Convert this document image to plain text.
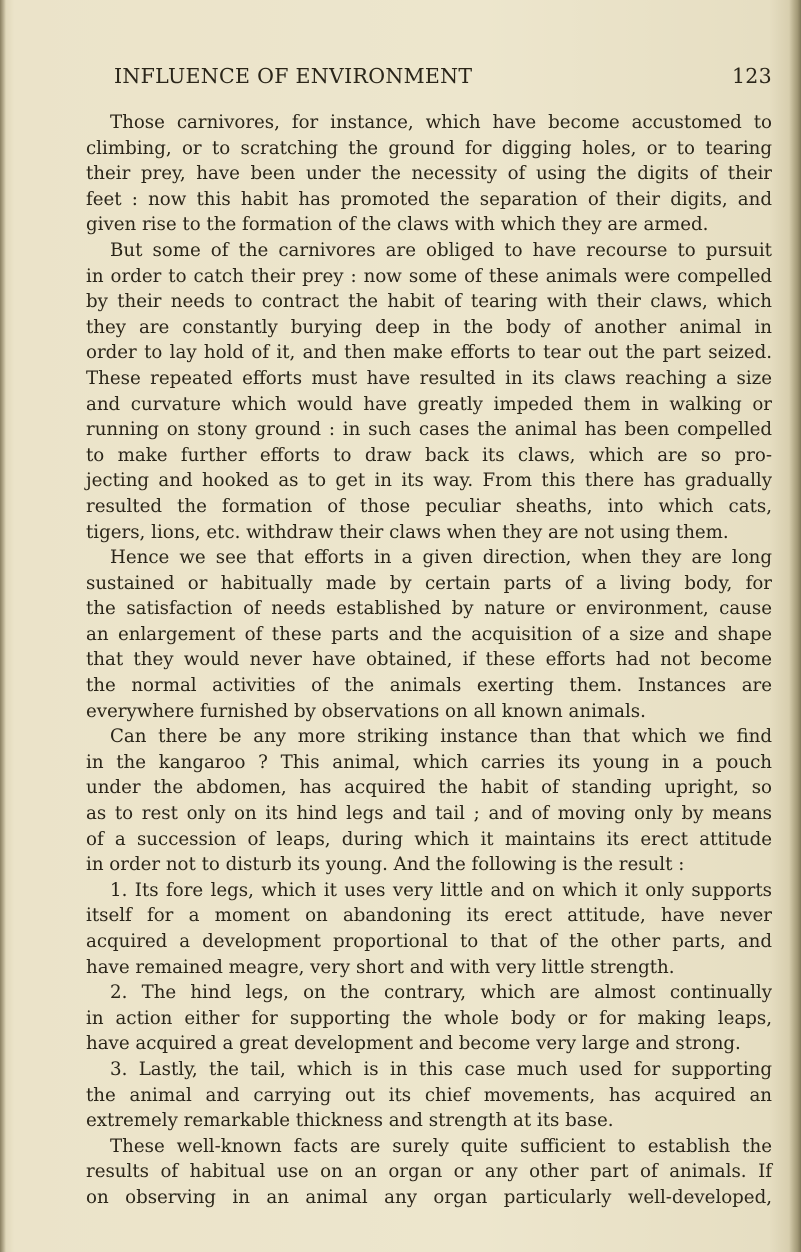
INFLUENCE OF ENVIRONMENT	123
Those carnivores, for instance, which have become accustomed to
climbing, or to scratching the ground for digging holes, or to tearing
their prey, have been under the necessity of using the digits of their
feet : now this habit has promoted the separation of their digits, and
given rise to the formation of the claws with which they are armed.
But some of the carnivores are obliged to have recourse to pursuit
in order to catch their prey : now some of these animals were compelled
by their needs to contract the habit of tearing with their claws, which
they are constantly burying deep in the body of another animal in
order to lay hold of it, and then make efforts to tear out the part seized.
These repeated efforts must have resulted in its claws reaching a size
and curvature which would have greatly impeded them in walking or
running on stony ground : in such cases the animal has been compelled
to make further efforts to draw back its claws, which are so pro-
jecting and hooked as to get in its way. From this there has gradually
resulted the formation of those peculiar sheaths, into which cats,
tigers, lions, etc. withdraw their claws when they are not using them.
Hence we see that efforts in a given direction, when they are long
sustained or habitually made by certain parts of a living body, for
the satisfaction of needs established by nature or environment, cause
an enlargement of these parts and the acquisition of a size and shape
that they would never have obtained, if these efforts had not become
the normal activities of the animals exerting them. Instances are
everywhere furnished by observations on all known animals.
Can there be any more striking instance than that which we find
in the kangaroo ? This animal, which carries its young in a pouch
under the abdomen, has acquired the habit of standing upright, so
as to rest only on its hind legs and tail ; and of moving only by means
of a succession of leaps, during which it maintains its erect attitude
in order not to disturb its young. And the following is the result :
1. Its fore legs, which it uses very little and on which it only supports
itself for a moment on abandoning its erect attitude, have never
acquired a development proportional to that of the other parts, and
have remained meagre, very short and with very little strength.
2. The hind legs, on the contrary, which are almost continually
in action either for supporting the whole body or for making leaps,
have acquired a great development and become very large and strong.
3. Lastly, the tail, which is in this case much used for supporting
the animal and carrying out its chief movements, has acquired an
extremely remarkable thickness and strength at its base.
These well-known facts are surely quite sufficient to establish the
results of habitual use on an organ or any other part of animals. If
on observing in an animal any organ particularly well-developed,
